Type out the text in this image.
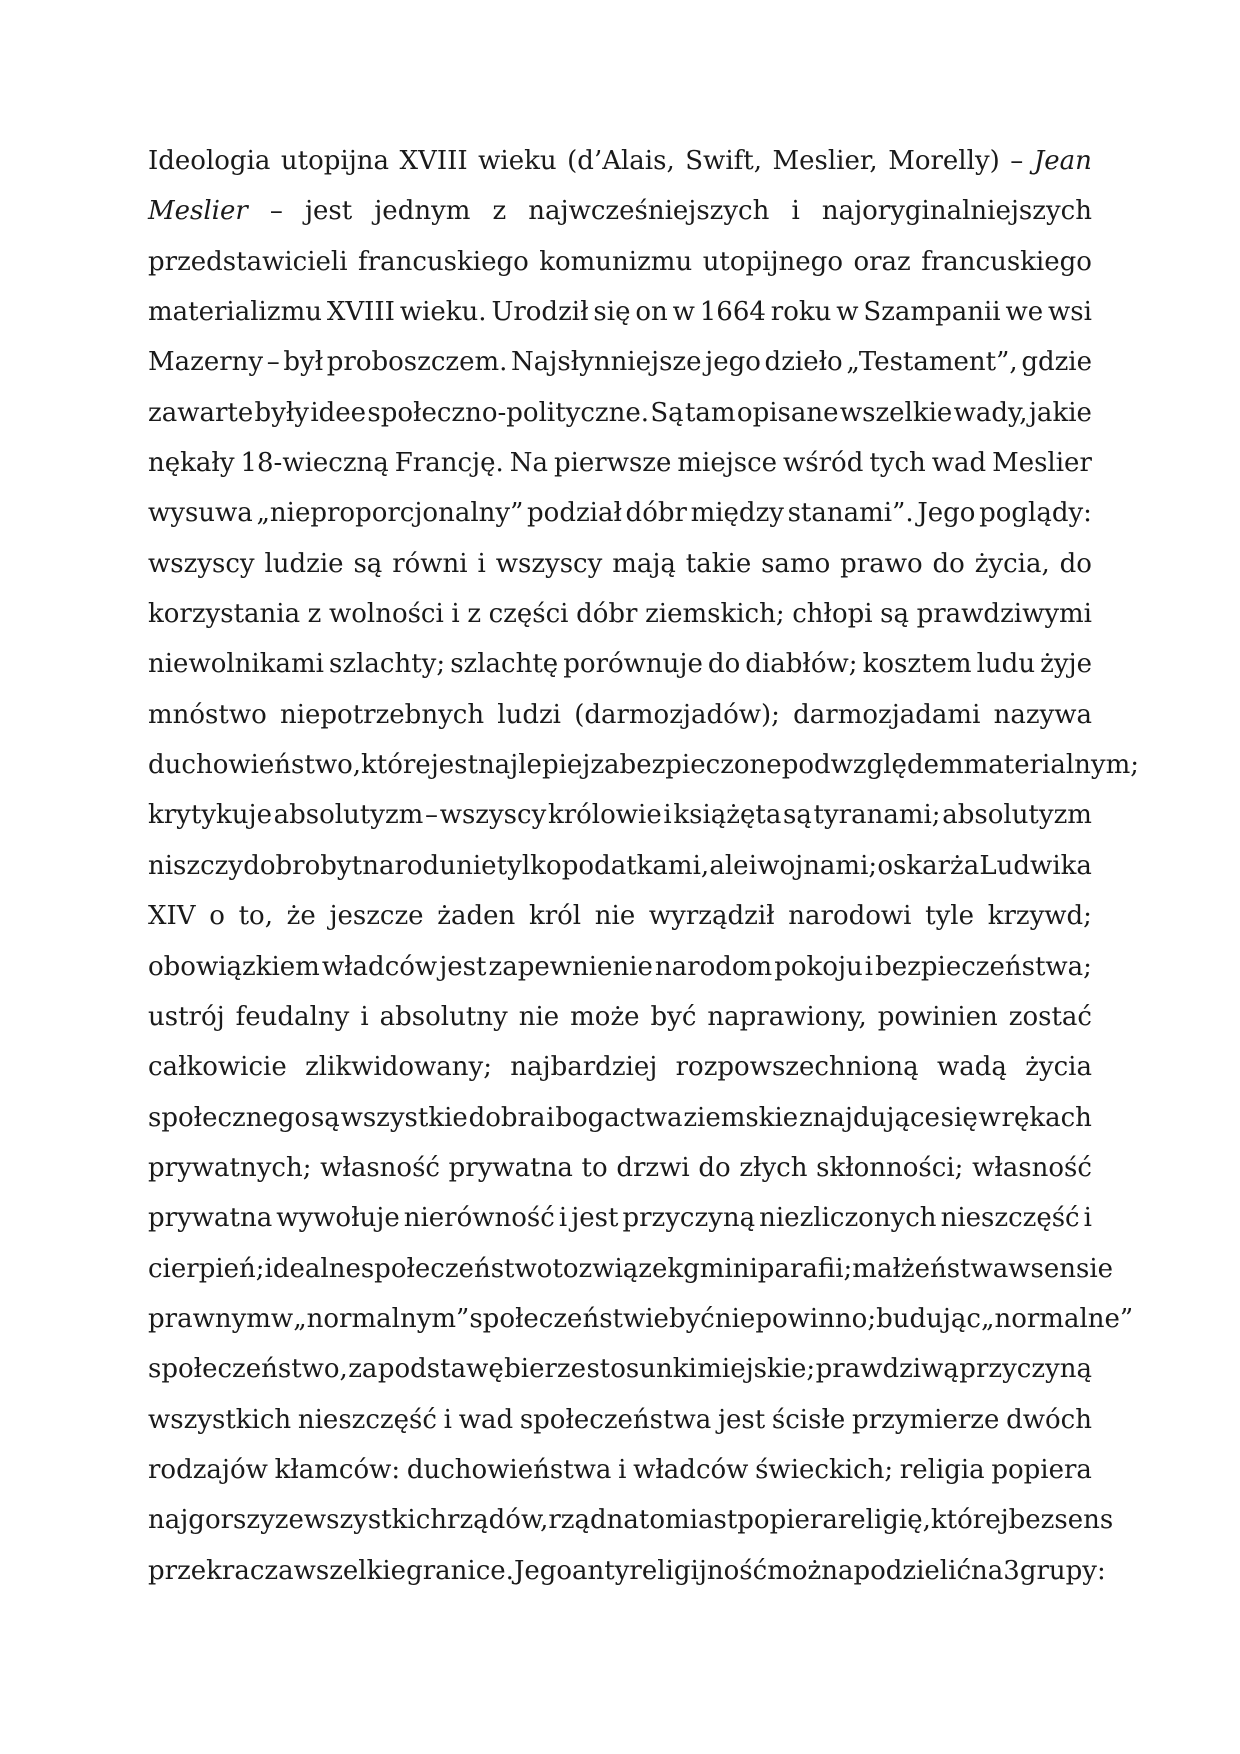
Ideologia utopijna XVIII wieku (d’Alais, Swift, Meslier, Morelly) – Jean
Meslier – jest jednym z najwcześniejszych i najoryginalniejszych
przedstawicieli francuskiego komunizmu utopijnego oraz francuskiego
materializmu XVIII wieku. Urodził się on w 1664 roku w Szampanii we wsi
Mazerny – był proboszczem. Najsłynniejsze jego dzieło „Testament”, gdzie
zawarte były idee społeczno-polityczne. Są tam opisane wszelkie wady, jakie
nękały 18-wieczną Francję. Na pierwsze miejsce wśród tych wad Meslier
wysuwa „nieproporcjonalny” podział dóbr między stanami”. Jego poglądy:
wszyscy ludzie są równi i wszyscy mają takie samo prawo do życia, do
korzystania z wolności i z części dóbr ziemskich; chłopi są prawdziwymi
niewolnikami szlachty; szlachtę porównuje do diabłów; kosztem ludu żyje
mnóstwo niepotrzebnych ludzi (darmozjadów); darmozjadami nazywa
duchowieństwo, które jest najlepiej zabezpieczone pod względem materialnym;
krytykuje absolutyzm – wszyscy królowie i książęta są tyranami; absolutyzm
niszczy dobrobyt narodu nie tylko podatkami, ale i wojnami; oskarża Ludwika
XIV o to, że jeszcze żaden król nie wyrządził narodowi tyle krzywd;
obowiązkiem władców jest zapewnienie narodom pokoju i bezpieczeństwa;
ustrój feudalny i absolutny nie może być naprawiony, powinien zostać
całkowicie zlikwidowany; najbardziej rozpowszechnioną wadą życia
społecznego są wszystkie dobra i bogactwa ziemskie znajdujące się w rękach
prywatnych; własność prywatna to drzwi do złych skłonności; własność
prywatna wywołuje nierówność i jest przyczyną niezliczonych nieszczęść i
cierpień; idealne społeczeństwo to związek gmin i parafii; małżeństwa w sensie
prawnym w „normalnym” społeczeństwie być nie powinno; budując „normalne”
społeczeństwo, za podstawę bierze stosunki miejskie; prawdziwą przyczyną
wszystkich nieszczęść i wad społeczeństwa jest ścisłe przymierze dwóch
rodzajów kłamców: duchowieństwa i władców świeckich; religia popiera
najgorszy ze wszystkich rządów, rząd natomiast popiera religię, której bezsens
przekracza wszelkie granice. Jego antyreligijność można podzielić na 3 grupy:
